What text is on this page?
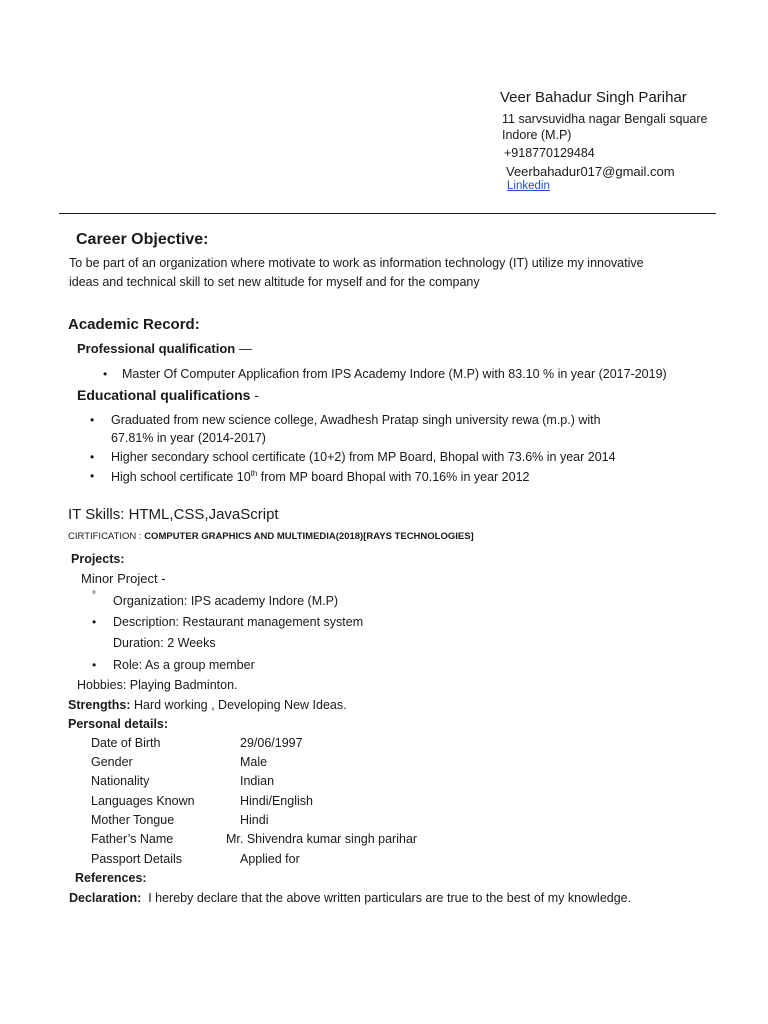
Veer Bahadur Singh Parihar
11 sarvsuvidha nagar Bengali square
Indore (M.P)
+918770129484
Veerbahadur017@gmail.com
Linkedin
Career Objective:
To be part of an organization where motivate to work as information technology (IT) utilize my innovative
ideas and technical skill to set new altitude for myself and for the company
Academic Record:
Professional qualification —
• Master Of Computer Applicafion from IPS Academy Indore (M.P) with 83.10 % in year (2017-2019)
Educational qualifications -
• Graduated from new science college, Awadhesh Pratap singh university rewa (m.p.) with
67.81% in year (2014-2017)
• Higher secondary school certificate (10+2) from MP Board, Bhopal with 73.6% in year 2014
• High school certificate 10th from MP board Bhopal with 70.16% in year 2012
IT Skills: HTML,CSS,JavaScript
CIRTIFICATION : COMPUTER GRAPHICS AND MULTIMEDIA(2018)[RAYS TECHNOLOGIES]
Projects:
Minor Project -
° Organization: IPS academy Indore (M.P)
• Description: Restaurant management system
Duration: 2 Weeks
• Role: As a group member
Hobbies: Playing Badminton.
Strengths: Hard working , Developing New Ideas.
Personal details:
Date of Birth	29/06/1997
Gender	Male
Nationality	Indian
Languages Known	Hindi/English
Mother Tongue	Hindi
Father’s Name	Mr. Shivendra kumar singh parihar
Passport Details	Applied for
References:
Declaration: I hereby declare that the above written particulars are true to the best of my knowledge.
